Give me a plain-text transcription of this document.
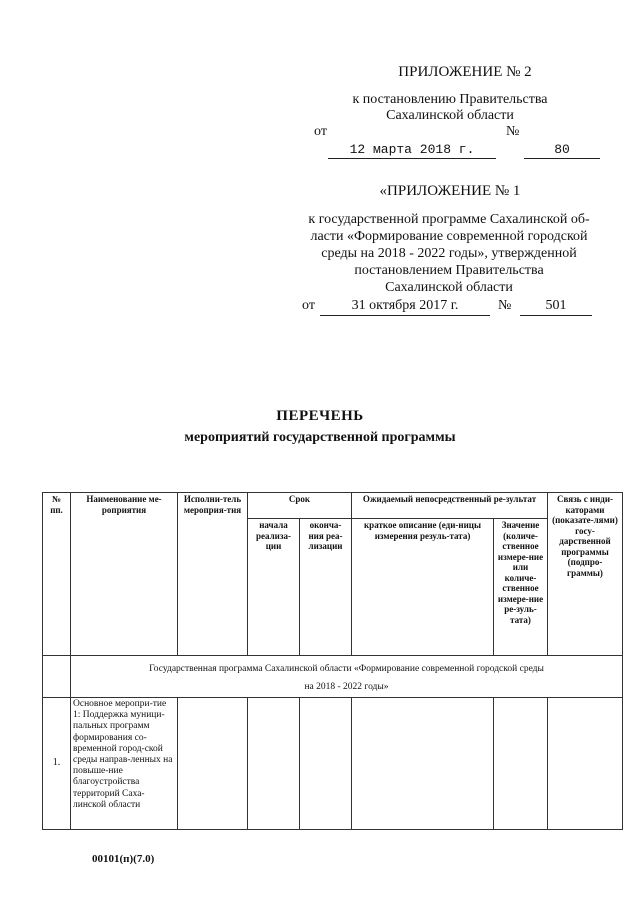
ПРИЛОЖЕНИЕ № 2
к постановлению Правительства
Сахалинской области
от	№
12 марта 2018 г.	80
«ПРИЛОЖЕНИЕ № 1
к государственной программе Сахалинской об-
ласти «Формирование современной городской
среды на 2018 - 2022 годы», утвержденной
постановлением Правительства
Сахалинской области
от	31 октября 2017 г.	№	501
ПЕРЕЧЕНЬ
мероприятий государственной программы
№ пп.	Наименование ме-роприятия	Исполни-тель мероприя-тия	Срок		Ожидаемый непосредственный ре-зультат		Связь с инди-каторами (показате-лями) госу-дарственной программы (подпро-граммы)
			начала реализа-ции	оконча-ния реа-лизации	краткое описание (еди-ницы измерения резуль-тата)	Значение (количе-ственное измере-ние или количе-ственное измере-ние ре-зуль-тата)	

	Государственная программа Сахалинской области «Формирование современной городской среды
на 2018 - 2022 годы»						

1.	Основное меропри-тие 1: Поддержка муници-пальных программ формирования со-временной город-ской среды направ-ленных на повыше-ние благоустройства территорий Саха-линской области						
00101(п)(7.0)
